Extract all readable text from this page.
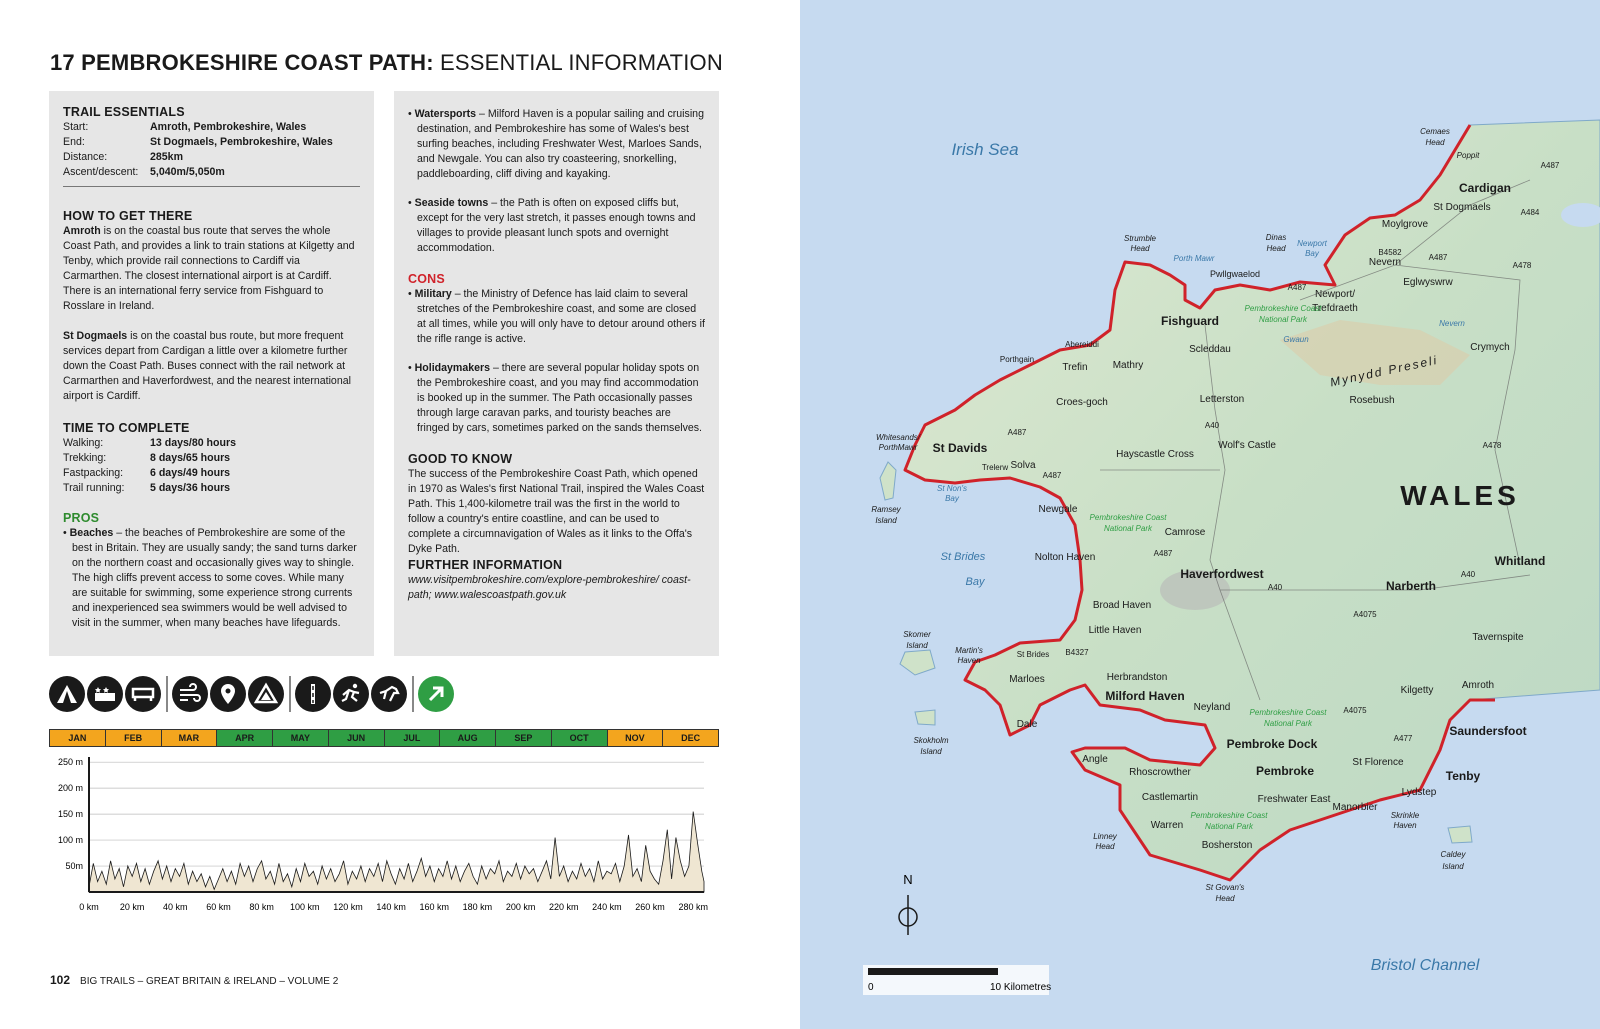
17 PEMBROKESHIRE COAST PATH: ESSENTIAL INFORMATION
TRAIL ESSENTIALS
Start:	Amroth, Pembrokeshire, Wales
End:	St Dogmaels, Pembrokeshire, Wales
Distance:	285km
Ascent/descent:	5,040m/5,050m
HOW TO GET THERE

Amroth is on the coastal bus route that serves the whole Coast Path, and provides a link to train stations at Kilgetty and Tenby, which provide rail connections to Cardiff via Carmarthen. The closest international airport is at Cardiff. There is an international ferry service from Fishguard to Rosslare in Ireland.

St Dogmaels is on the coastal bus route, but more frequent services depart from Cardigan a little over a kilometre further down the Coast Path. Buses connect with the rail network at Carmarthen and Haverfordwest, and the nearest international airport is Cardiff.

TIME TO COMPLETE
Walking:	13 days/80 hours
Trekking:	8 days/65 hours
Fastpacking:	6 days/49 hours
Trail running:	5 days/36 hours
PROS

• Beaches – the beaches of Pembrokeshire are some of the best in Britain. They are usually sandy; the sand turns darker on the northern coast and occasionally gives way to shingle. The high cliffs prevent access to some coves. While many are suitable for swimming, some experience strong currents and inexperienced sea swimmers would be well advised to visit in the summer, when many beaches have lifeguards.

• Watersports – Milford Haven is a popular sailing and cruising destination, and Pembrokeshire has some of Wales's best surfing beaches, including Freshwater West, Marloes Sands, and Newgale. You can also try coasteering, snorkelling, paddleboarding, cliff diving and kayaking.

• Seaside towns – the Path is often on exposed cliffs but, except for the very last stretch, it passes enough towns and villages to provide pleasant lunch spots and overnight accommodation.

CONS

• Military – the Ministry of Defence has laid claim to several stretches of the Pembrokeshire coast, and some are closed at all times, while you will only have to detour around others if the rifle range is active.

• Holidaymakers – there are several popular holiday spots on the Pembrokeshire coast, and you may find accommodation is booked up in the summer. The Path occasionally passes through large caravan parks, and touristy beaches are fringed by cars, sometimes parked on the sands themselves.

GOOD TO KNOW

The success of the Pembrokeshire Coast Path, which opened in 1970 as Wales's first National Trail, inspired the Wales Coast Path. This 1,400-kilometre trail was the first in the world to follow a country's entire coastline, and can be used to complete a circumnavigation of Wales as it links to the Offa's Dyke Path.

FURTHER INFORMATION

www.visitpembrokeshire.com/explore-pembrokeshire/ coast-path; www.walescoastpath.gov.uk

JAN	FEB	MAR	APR	MAY	JUN	JUL	AUG	SEP	OCT	NOV	DEC
250 m
200 m
150 m
100 m
50m
0 km 20 km 40 km 60 km 80 km 100 km 120 km 140 km 160 km 180 km 200 km 220 km 240 km 260 km 280 km
102 BIG TRAILS – GREAT BRITAIN & IRELAND – VOLUME 2
Irish Sea
St Brides
Bay
Bristol Channel
WALES
Mynydd Preseli
Cardigan
St Dogmaels
Moylgrove
Nevern
Eglwyswrw
Newport/
Trefdraeth
Pwllgwaelod
Fishguard
Scleddau	Crymych
Rosebush
Mathry
Trefin
Abereiddi
Porthgain
Letterston
Croes-goch
St Davids
Solva
Trelerw
Hayscastle Cross
Wolf's Castle
Newgale
Camrose
Nolton Haven
Haverfordwest
Narberth
Whitland
Broad Haven
Little Haven
Tavernspite
St Brides
Marloes	Herbrandston
Milford Haven	Kilgetty	Amroth
Neyland
Saundersfoot
Dale
Pembroke Dock
Angle
Rhoscrowther	Pembroke
St Florence
Tenby
Castlemartin	Freshwater East
Lydstep
Manorbier
Warren
Bosherston
A487
A484
B4582
A487
A478
A487
A487
A40
A487
A478
A487
A40
A40
A4075
B4327
A4075
A477
Cemaes
Head
Poppit
Strumble
Head
Dinas
Head
Whitesands/
PorthMawr
Ramsey
Island
Skomer
Island
Martin's
Haven
Skokholm
Island
Linney
Head
St Govan's
Head
Skrinkle
Haven
Caldey
Island
Pembrokeshire Coast
National Park
Pembrokeshire Coast
National Park
Pembrokeshire Coast
National Park
Pembrokeshire Coast
National Park
Porth Mawr
Newport
Bay
St Non's
Bay
Nevern
Gwaun
N
0	10 Kilometres
